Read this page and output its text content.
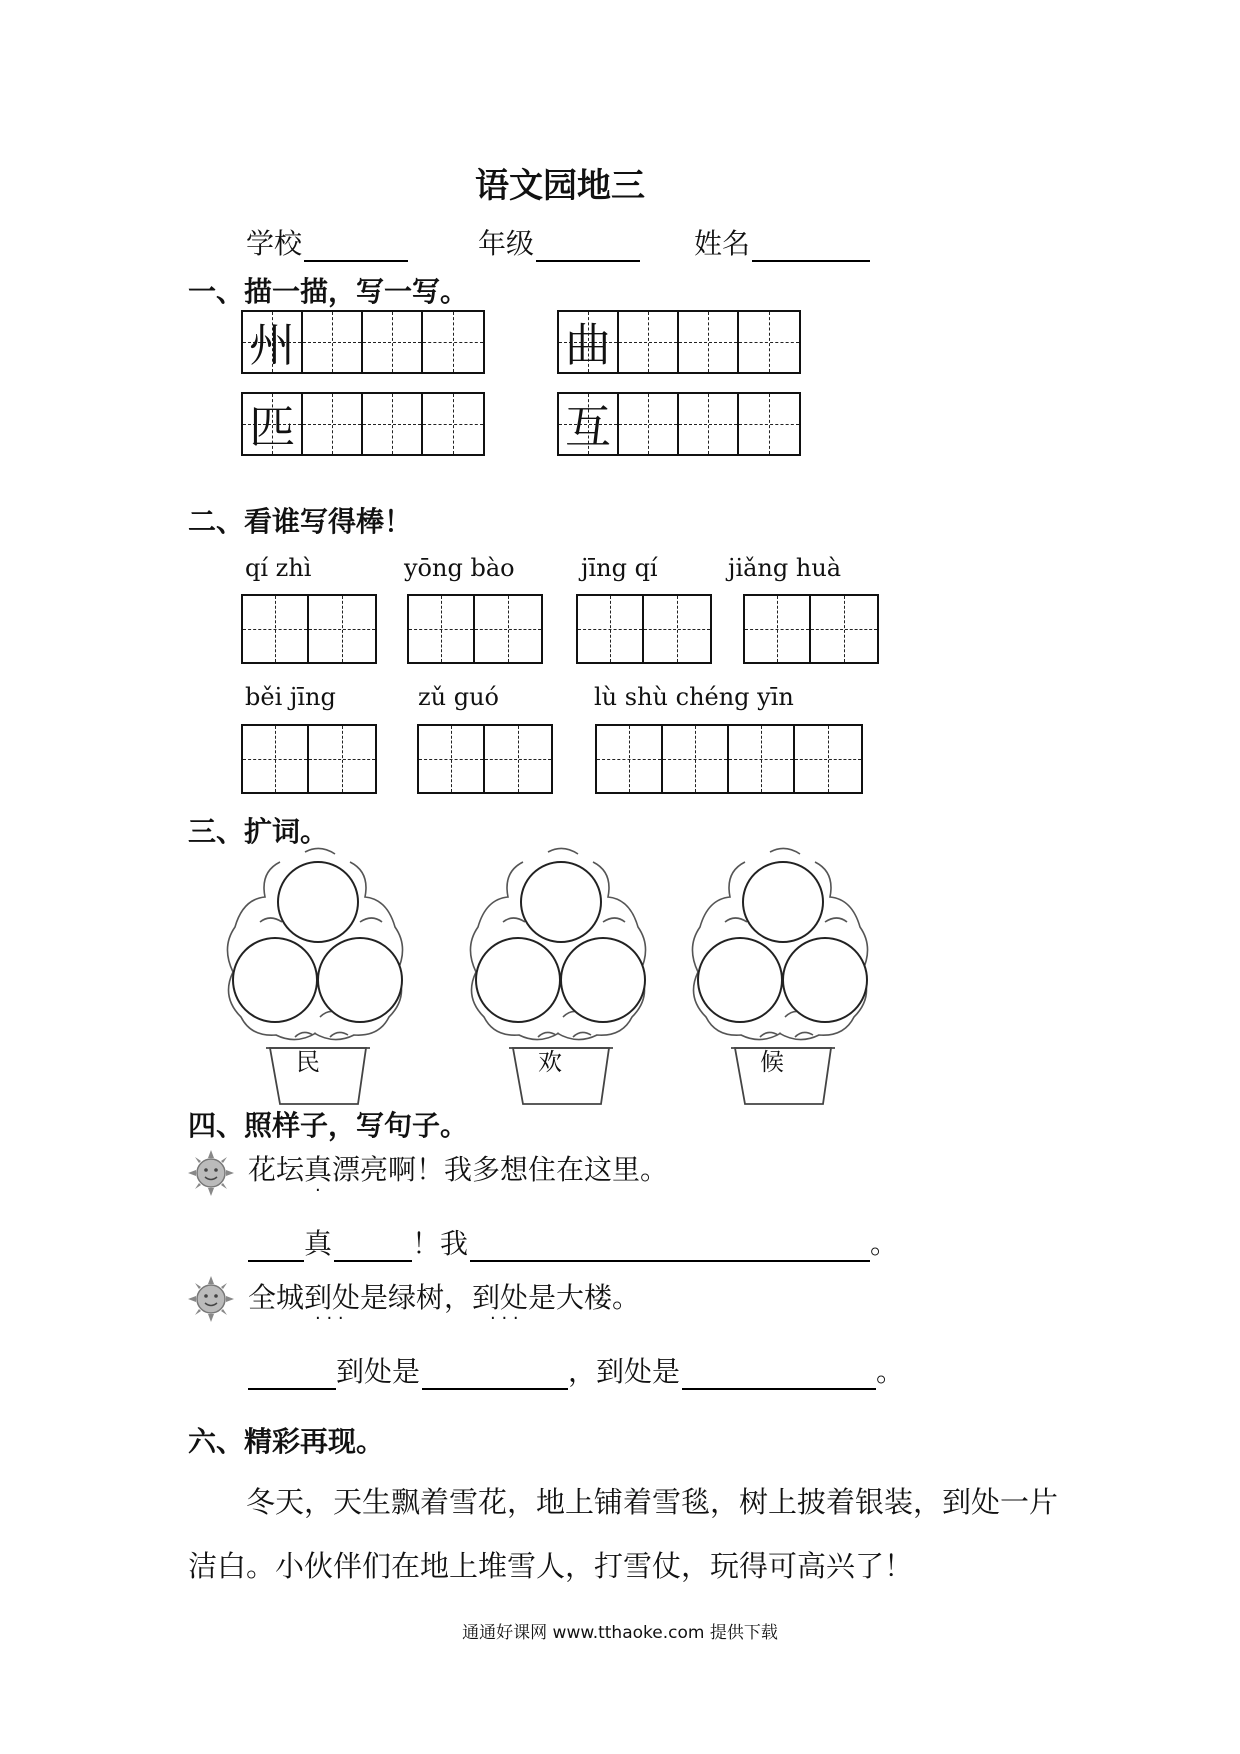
语文园地三
学校	年级	姓名
一、描一描，写一写。
州	曲
匹	互
二、看谁写得棒！
qí zhì	yōng bào	jīng qí	jiǎng huà
běi jīng	zǔ guó	lù shù chéng yīn
三、扩词。
民	欢	候
四、照样子，写句子。
花坛真漂亮啊！我多想住在这里。
·
真	！我	。
全城到处是绿树，到处是大楼。
· · ·	· · ·
到处是	，到处是	。
六、精彩再现。
冬天，天生飘着雪花，地上铺着雪毯，树上披着银装，到处一片
洁白。小伙伴们在地上堆雪人，打雪仗，玩得可高兴了！
通通好课网 www.tthaoke.com 提供下载
